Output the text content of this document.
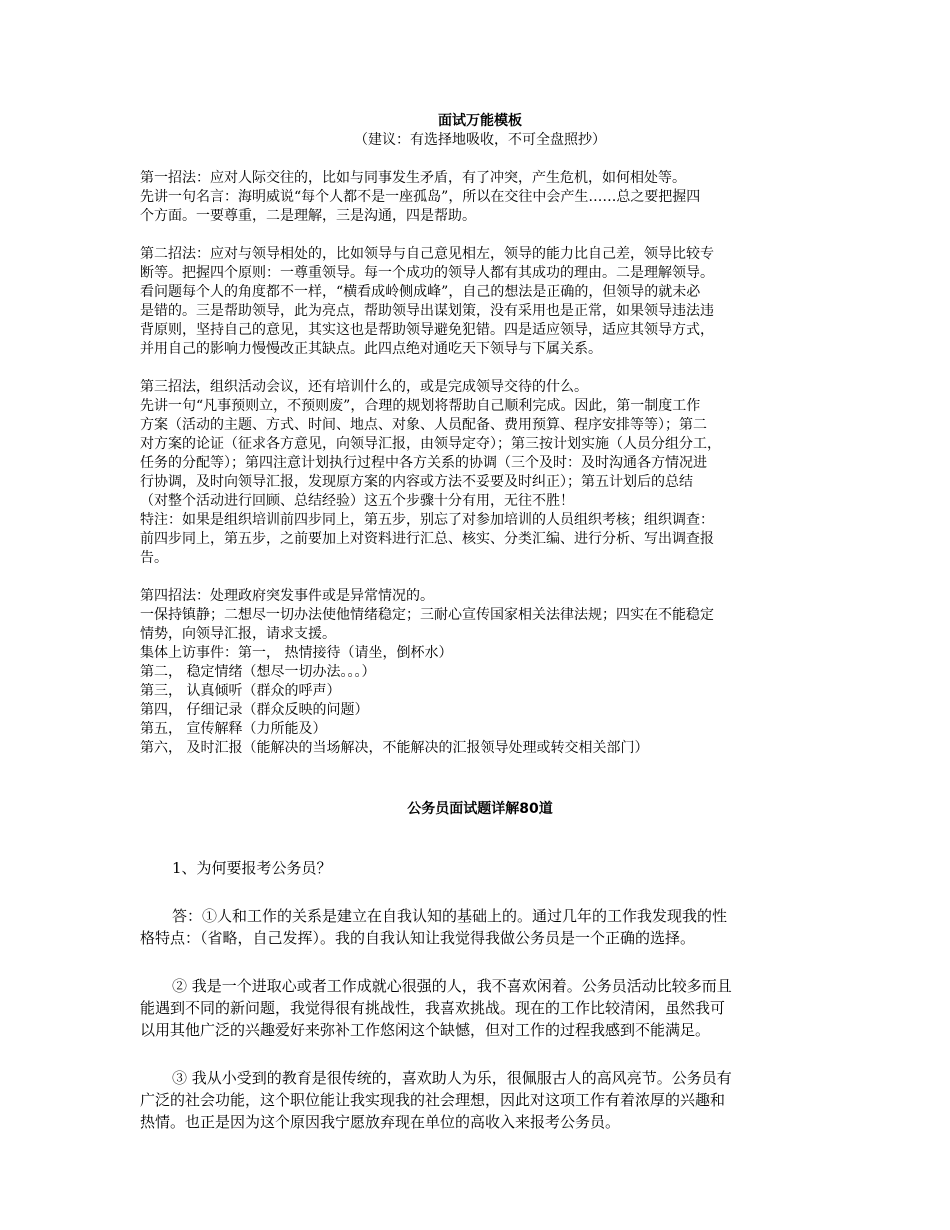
面试万能模板

（建议：有选择地吸收，不可全盘照抄）

第一招法：应对人际交往的，比如与同事发生矛盾，有了冲突，产生危机，如何相处等。

先讲一句名言：海明威说“每个人都不是一座孤岛”，所以在交往中会产生……总之要把握四

个方面。一要尊重，二是理解，三是沟通，四是帮助。

第二招法：应对与领导相处的，比如领导与自己意见相左，领导的能力比自己差，领导比较专

断等。把握四个原则：一尊重领导。每一个成功的领导人都有其成功的理由。二是理解领导。

看问题每个人的角度都不一样，“横看成岭侧成峰”，自己的想法是正确的，但领导的就未必

是错的。三是帮助领导，此为亮点，帮助领导出谋划策，没有采用也是正常，如果领导违法违

背原则，坚持自己的意见，其实这也是帮助领导避免犯错。四是适应领导，适应其领导方式，

并用自己的影响力慢慢改正其缺点。此四点绝对通吃天下领导与下属关系。

第三招法，组织活动会议，还有培训什么的，或是完成领导交待的什么。

先讲一句“凡事预则立，不预则废”，合理的规划将帮助自己顺利完成。因此，第一制度工作

方案（活动的主题、方式、时间、地点、对象、人员配备、费用预算、程序安排等等）；第二

对方案的论证（征求各方意见，向领导汇报，由领导定夺）；第三按计划实施（人员分组分工，

任务的分配等）；第四注意计划执行过程中各方关系的协调（三个及时：及时沟通各方情况进

行协调，及时向领导汇报，发现原方案的内容或方法不妥要及时纠正）；第五计划后的总结

（对整个活动进行回顾、总结经验）这五个步骤十分有用，无往不胜！

特注：如果是组织培训前四步同上，第五步，别忘了对参加培训的人员组织考核；组织调查：

前四步同上，第五步，之前要加上对资料进行汇总、核实、分类汇编、进行分析、写出调查报

告。

第四招法：处理政府突发事件或是异常情况的。

一保持镇静；二想尽一切办法使他情绪稳定；三耐心宣传国家相关法律法规；四实在不能稳定

情势，向领导汇报，请求支援。

集体上访事件：第一， 热情接待（请坐，倒杯水）

第二， 稳定情绪（想尽一切办法。。。）

第三， 认真倾听（群众的呼声）

第四， 仔细记录（群众反映的问题）

第五， 宣传解释（力所能及）

第六， 及时汇报（能解决的当场解决，不能解决的汇报领导处理或转交相关部门）

公务员面试题详解80道

1、为何要报考公务员？

答：①人和工作的关系是建立在自我认知的基础上的。通过几年的工作我发现我的性

格特点：（省略，自己发挥）。我的自我认知让我觉得我做公务员是一个正确的选择。

② 我是一个进取心或者工作成就心很强的人，我不喜欢闲着。公务员活动比较多而且

能遇到不同的新问题，我觉得很有挑战性，我喜欢挑战。现在的工作比较清闲，虽然我可

以用其他广泛的兴趣爱好来弥补工作悠闲这个缺憾，但对工作的过程我感到不能满足。

③ 我从小受到的教育是很传统的，喜欢助人为乐，很佩服古人的高风亮节。公务员有

广泛的社会功能，这个职位能让我实现我的社会理想，因此对这项工作有着浓厚的兴趣和

热情。也正是因为这个原因我宁愿放弃现在单位的高收入来报考公务员。
